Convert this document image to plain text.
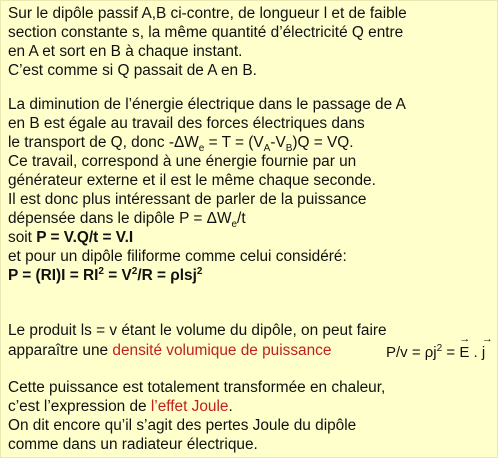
Sur le dipôle passif A,B ci-contre, de longueur l et de faible
section constante s, la même quantité d’électricité Q entre
en A et sort en B à chaque instant.
C’est comme si Q passait de A en B.
La diminution de l’énergie électrique dans le passage de A
en B est égale au travail des forces électriques dans
le transport de Q, donc $-\Delta W_e = T = (V_A-V_B)Q$ = VQ.
Ce travail, correspond à une énergie fournie par un
générateur externe et il est le même chaque seconde.
Il est donc plus intéressant de parler de la puissance
dépensée dans le dipôle $P = \Delta W_e/t$
soit P = V.Q/t = V.I
et pour un dipôle filiforme comme celui considéré:
$P = (RI)I = RI^2 = V^2/R = \rho lsj^2$
Le produit ls = v étant le volume du dipôle, on peut faire
apparaître une densité volumique de puissance	$P/v = \rho j^2$ =
→
E .
→
j
Cette puissance est totalement transformée en chaleur,
c’est l’expression de l’effet Joule.
On dit encore qu’il s’agit des pertes Joule du dipôle
comme dans un radiateur électrique.
